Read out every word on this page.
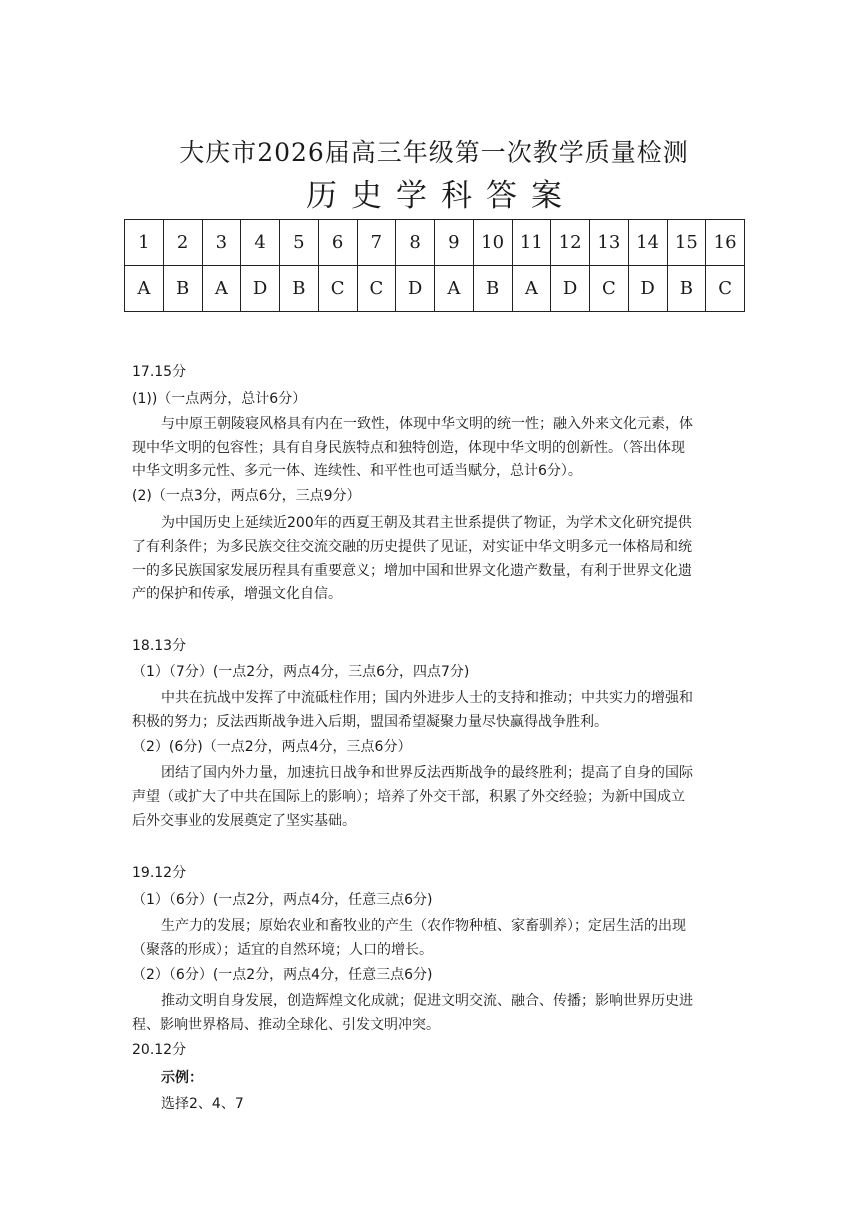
大庆市2026届高三年级第一次教学质量检测
历史学科答案
1	2	3	4	5	6	7	8	9	10	11	12	13	14	15	16
A	B	A	D	B	C	C	D	A	B	A	D	C	D	B	C
17.15分
(1))（一点两分，总计6分）
与中原王朝陵寝风格具有内在一致性，体现中华文明的统一性；融入外来文化元素，体
现中华文明的包容性；具有自身民族特点和独特创造，体现中华文明的创新性。（答出体现
中华文明多元性、多元一体、连续性、和平性也可适当赋分，总计6分）。
(2)（一点3分，两点6分，三点9分）
为中国历史上延续近200年的西夏王朝及其君主世系提供了物证，为学术文化研究提供
了有利条件；为多民族交往交流交融的历史提供了见证，对实证中华文明多元一体格局和统
一的多民族国家发展历程具有重要意义；增加中国和世界文化遗产数量，有利于世界文化遗
产的保护和传承，增强文化自信。
18.13分
（1）（7分）(一点2分，两点4分，三点6分，四点7分)
中共在抗战中发挥了中流砥柱作用；国内外进步人士的支持和推动；中共实力的增强和
积极的努力；反法西斯战争进入后期，盟国希望凝聚力量尽快赢得战争胜利。
（2）(6分)（一点2分，两点4分，三点6分）
团结了国内外力量，加速抗日战争和世界反法西斯战争的最终胜利；提高了自身的国际
声望（或扩大了中共在国际上的影响）；培养了外交干部，积累了外交经验；为新中国成立
后外交事业的发展奠定了坚实基础。
19.12分
（1）（6分）(一点2分，两点4分，任意三点6分)
生产力的发展；原始农业和畜牧业的产生（农作物种植、家畜驯养）；定居生活的出现
（聚落的形成）；适宜的自然环境；人口的增长。
（2）（6分）(一点2分，两点4分，任意三点6分)
推动文明自身发展，创造辉煌文化成就；促进文明交流、融合、传播；影响世界历史进
程、影响世界格局、推动全球化、引发文明冲突。
20.12分
示例：
选择2、4、7
